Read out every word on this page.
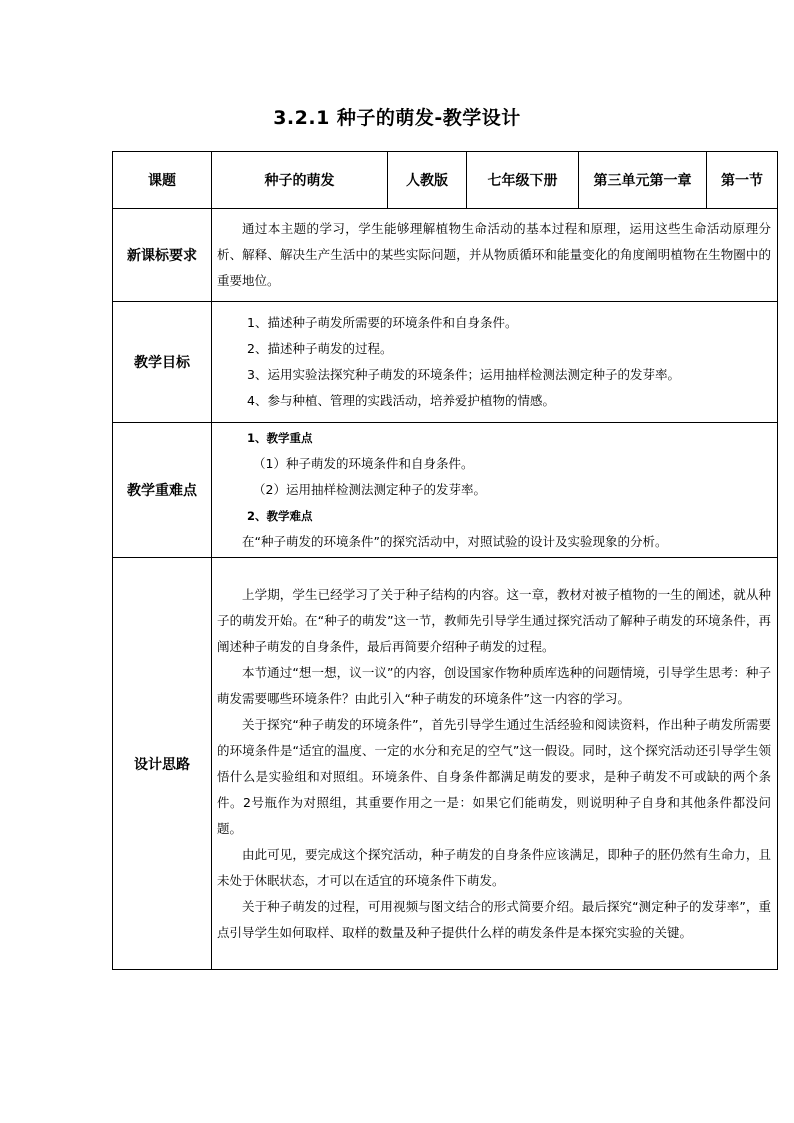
3.2.1 种子的萌发-教学设计
课题	种子的萌发	人教版	七年级下册	第三单元第一章	第一节
新课标要求	通过本主题的学习，学生能够理解植物生命活动的基本过程和原理，运用这些生命活动原理分析、解释、解决生产生活中的某些实际问题，并从物质循环和能量变化的角度阐明植物在生物圈中的重要地位。				

教学目标	1、描述种子萌发所需要的环境条件和自身条件。

2、描述种子萌发的过程。

3、运用实验法探究种子萌发的环境条件；运用抽样检测法测定种子的发芽率。

4、参与种植、管理的实践活动，培养爱护植物的情感。				

教学重难点	1、教学重点

（1）种子萌发的环境条件和自身条件。

（2）运用抽样检测法测定种子的发芽率。

2、教学难点

在“种子萌发的环境条件”的探究活动中，对照试验的设计及实验现象的分析。				

设计思路	上学期，学生已经学习了关于种子结构的内容。这一章，教材对被子植物的一生的阐述，就从种子的萌发开始。在“种子的萌发”这一节，教师先引导学生通过探究活动了解种子萌发的环境条件，再阐述种子萌发的自身条件，最后再简要介绍种子萌发的过程。

本节通过“想一想，议一议”的内容，创设国家作物种质库选种的问题情境，引导学生思考：种子萌发需要哪些环境条件？由此引入“种子萌发的环境条件”这一内容的学习。

关于探究“种子萌发的环境条件”，首先引导学生通过生活经验和阅读资料，作出种子萌发所需要的环境条件是“适宜的温度、一定的水分和充足的空气”这一假设。同时，这个探究活动还引导学生领悟什么是实验组和对照组。环境条件、自身条件都满足萌发的要求，是种子萌发不可或缺的两个条件。2号瓶作为对照组，其重要作用之一是：如果它们能萌发，则说明种子自身和其他条件都没问题。

由此可见，要完成这个探究活动，种子萌发的自身条件应该满足，即种子的胚仍然有生命力，且未处于休眠状态，才可以在适宜的环境条件下萌发。

关于种子萌发的过程，可用视频与图文结合的形式简要介绍。最后探究“测定种子的发芽率”，重点引导学生如何取样、取样的数量及种子提供什么样的萌发条件是本探究实验的关键。				
